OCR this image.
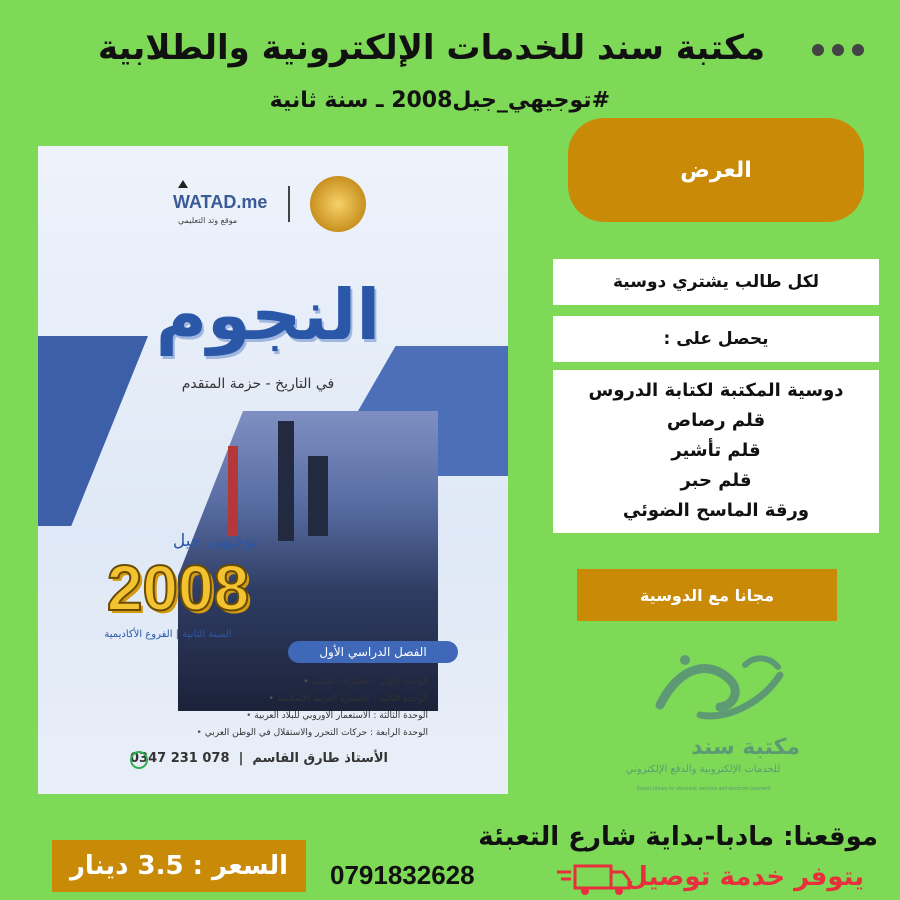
مكتبة سند للخدمات الإلكترونية والطلابية
#توجيهي_جيل2008 ـ سنة ثانية
WATAD.me
موقع وتد التعليمي
النجوم
في التاريخ - حزمة المتقدم
توجيهي جيل
2008
السنة الثانية | الفروع الأكاديمية
الفصل الدراسي الأول
الوحدة الأولى : حضارات عالمية •
الوحدة الثانية : الحضارة العربية الإسلامية •
الوحدة الثالثة : الاستعمار الأوروبي للبلاد العربية •
الوحدة الرابعة : حركات التحرر والاستقلال في الوطن العربي •
الأستاذ طارق القاسم  |  078 231 0347
العرض
لكل طالب يشتري دوسية
يحصل على :
دوسية المكتبة لكتابة الدروس
قلم رصاص
قلم تأشير
قلم حبر
ورقة الماسح الضوئي
مجانا مع الدوسية
مكتبة سند
للخدمات الإلكترونية والدفع الإلكتروني
Sanad Library for electronic services and electronic payment
موقعنا: مادبا-بداية شارع التعبئة
السعر : 3.5 دينار	0791832628	يتوفر خدمة توصيل
